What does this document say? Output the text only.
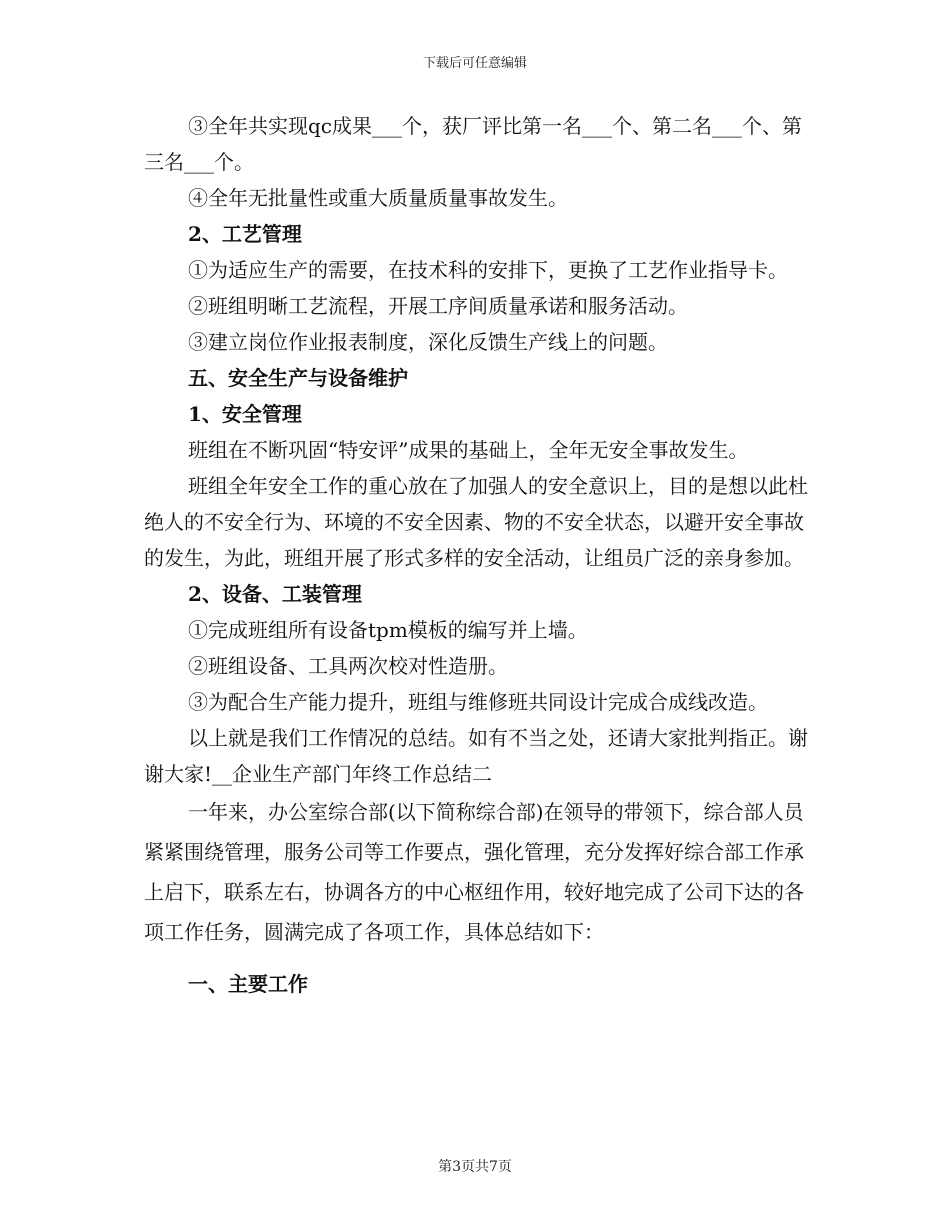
下载后可任意编辑

③全年共实现qc成果___个，获厂评比第一名___个、第二名___个、第三名___个。

④全年无批量性或重大质量质量事故发生。

2、工艺管理

①为适应生产的需要，在技术科的安排下，更换了工艺作业指导卡。

②班组明晰工艺流程，开展工序间质量承诺和服务活动。

③建立岗位作业报表制度，深化反馈生产线上的问题。

五、安全生产与设备维护

1、安全管理

班组在不断巩固“特安评”成果的基础上，全年无安全事故发生。

班组全年安全工作的重心放在了加强人的安全意识上，目的是想以此杜绝人的不安全行为、环境的不安全因素、物的不安全状态，以避开安全事故的发生，为此，班组开展了形式多样的安全活动，让组员广泛的亲身参加。

2、设备、工装管理

①完成班组所有设备tpm模板的编写并上墙。

②班组设备、工具两次校对性造册。

③为配合生产能力提升，班组与维修班共同设计完成合成线改造。

以上就是我们工作情况的总结。如有不当之处，还请大家批判指正。谢谢大家!__企业生产部门年终工作总结二

一年来，办公室综合部(以下简称综合部)在领导的带领下，综合部人员紧紧围绕管理，服务公司等工作要点，强化管理，充分发挥好综合部工作承上启下，联系左右，协调各方的中心枢纽作用，较好地完成了公司下达的各项工作任务，圆满完成了各项工作，具体总结如下：

一、主要工作

第3页共7页
